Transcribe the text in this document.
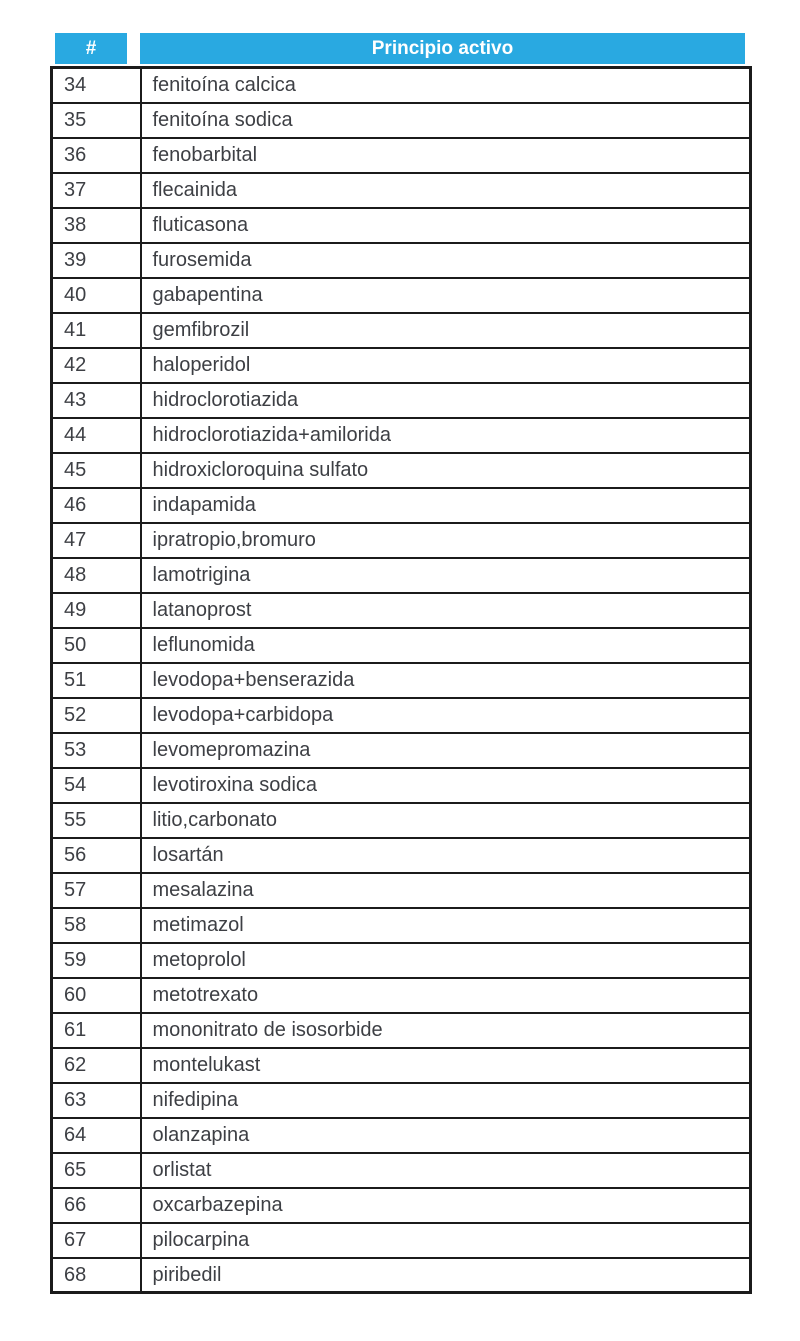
#	Principio activo
34	fenitoína calcica
35	fenitoína sodica
36	fenobarbital
37	flecainida
38	fluticasona
39	furosemida
40	gabapentina
41	gemfibrozil
42	haloperidol
43	hidroclorotiazida
44	hidroclorotiazida+amilorida
45	hidroxicloroquina sulfato
46	indapamida
47	ipratropio,bromuro
48	lamotrigina
49	latanoprost
50	leflunomida
51	levodopa+benserazida
52	levodopa+carbidopa
53	levomepromazina
54	levotiroxina sodica
55	litio,carbonato
56	losartán
57	mesalazina
58	metimazol
59	metoprolol
60	metotrexato
61	mononitrato de isosorbide
62	montelukast
63	nifedipina
64	olanzapina
65	orlistat
66	oxcarbazepina
67	pilocarpina
68	piribedil
